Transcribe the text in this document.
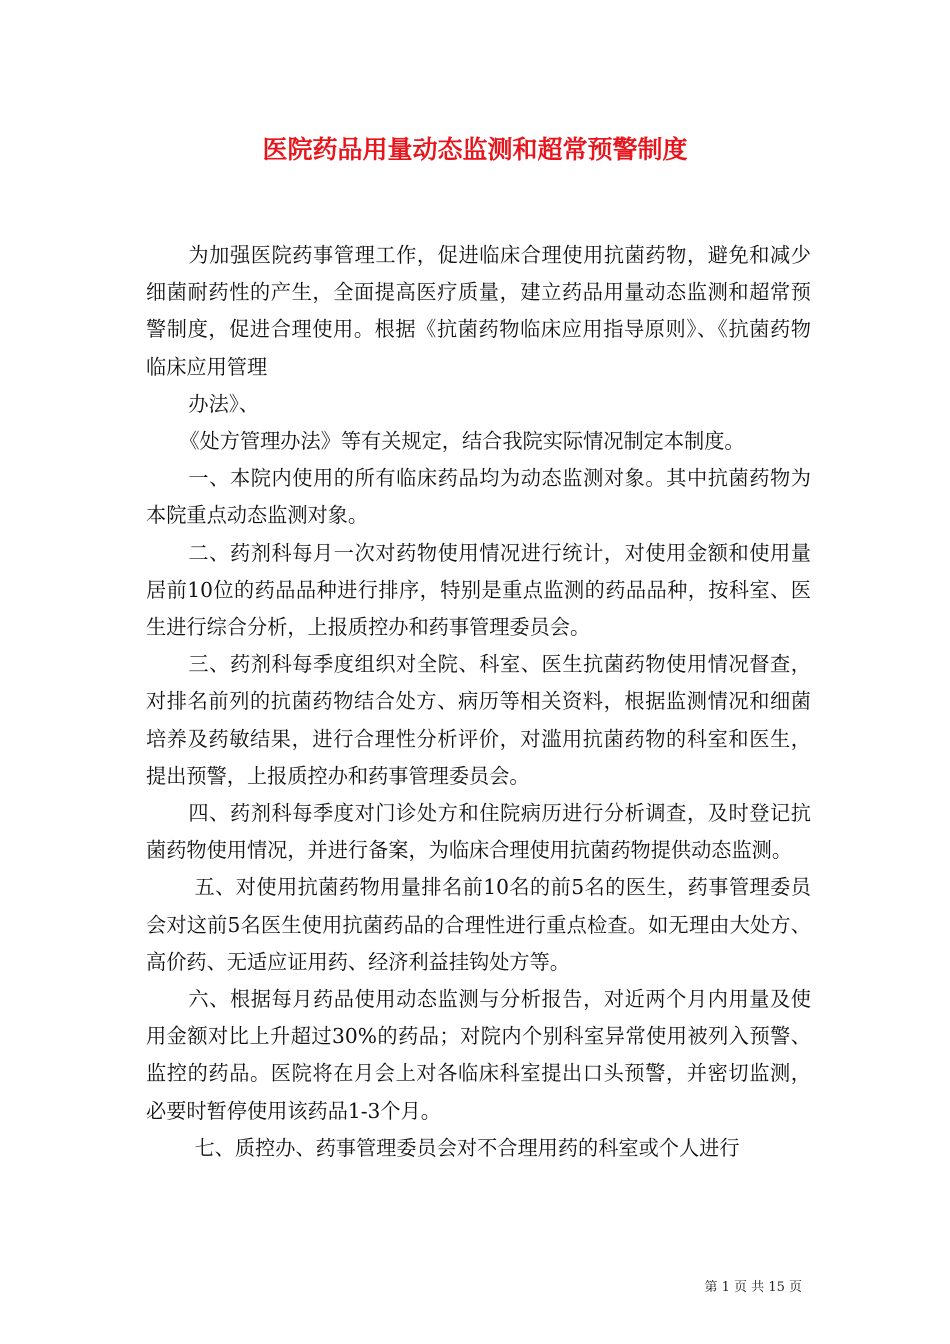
医院药品用量动态监测和超常预警制度

为加强医院药事管理工作，促进临床合理使用抗菌药物，避免和减少细菌耐药性的产生，全面提高医疗质量，建立药品用量动态监测和超常预警制度，促进合理使用。根据《抗菌药物临床应用指导原则》、《抗菌药物临床应用管理

办法》、

《处方管理办法》等有关规定，结合我院实际情况制定本制度。

一、本院内使用的所有临床药品均为动态监测对象。其中抗菌药物为本院重点动态监测对象。

二、药剂科每月一次对药物使用情况进行统计，对使用金额和使用量居前10位的药品品种进行排序，特别是重点监测的药品品种，按科室、医生进行综合分析，上报质控办和药事管理委员会。

三、药剂科每季度组织对全院、科室、医生抗菌药物使用情况督查，对排名前列的抗菌药物结合处方、病历等相关资料，根据监测情况和细菌培养及药敏结果，进行合理性分析评价，对滥用抗菌药物的科室和医生，提出预警，上报质控办和药事管理委员会。

四、药剂科每季度对门诊处方和住院病历进行分析调查，及时登记抗菌药物使用情况，并进行备案，为临床合理使用抗菌药物提供动态监测。

五、对使用抗菌药物用量排名前10名的前5名的医生，药事管理委员会对这前5名医生使用抗菌药品的合理性进行重点检查。如无理由大处方、高价药、无适应证用药、经济利益挂钩处方等。

六、根据每月药品使用动态监测与分析报告，对近两个月内用量及使用金额对比上升超过30%的药品；对院内个别科室异常使用被列入预警、监控的药品。医院将在月会上对各临床科室提出口头预警，并密切监测，必要时暂停使用该药品1-3个月。

七、质控办、药事管理委员会对不合理用药的科室或个人进行

第 1 页 共 15 页
